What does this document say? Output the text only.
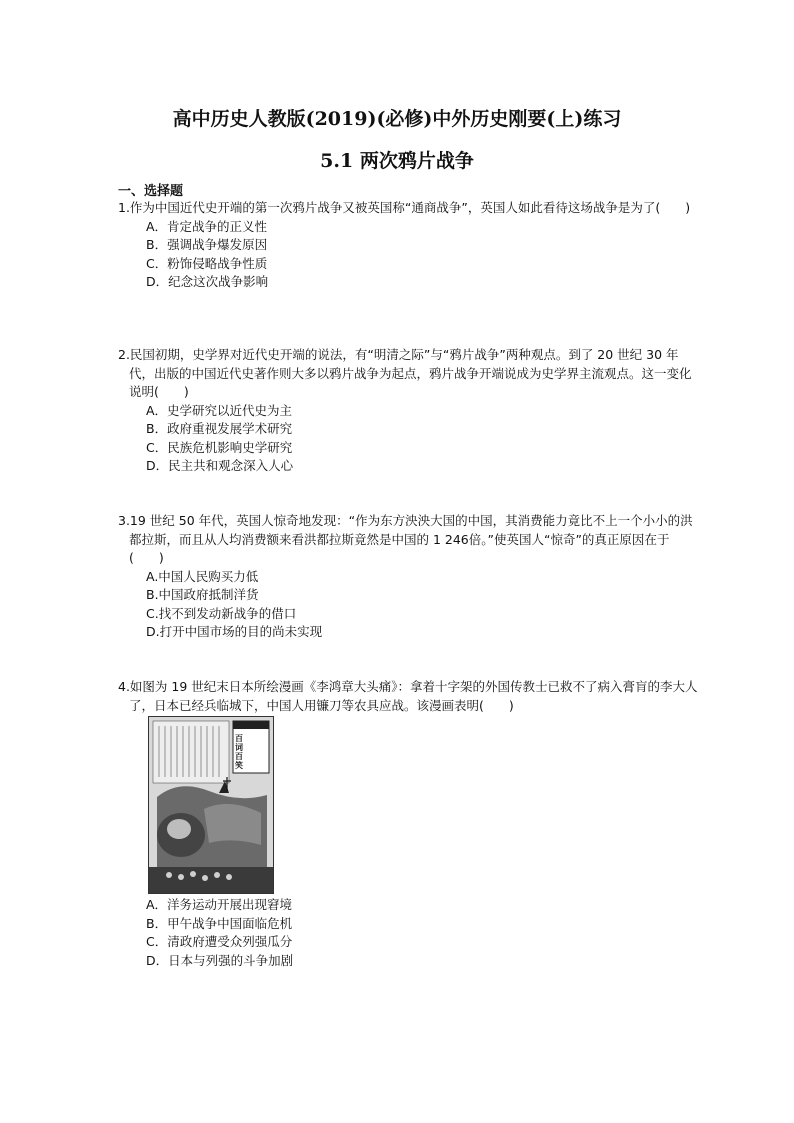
高中历史人教版(2019)(必修)中外历史刚要(上)练习
5.1 两次鸦片战争
一、选择题
1.作为中国近代史开端的第一次鸦片战争又被英国称“通商战争”，英国人如此看待这场战争是为了(　　)
A．肯定战争的正义性
B．强调战争爆发原因
C．粉饰侵略战争性质
D．纪念这次战争影响
2.民国初期，史学界对近代史开端的说法，有“明清之际”与“鸦片战争”两种观点。到了 20 世纪 30 年代，出版的中国近代史著作则大多以鸦片战争为起点，鸦片战争开端说成为史学界主流观点。这一变化说明(　　)
A．史学研究以近代史为主
B．政府重视发展学术研究
C．民族危机影响史学研究
D．民主共和观念深入人心
3.19 世纪 50 年代，英国人惊奇地发现：“作为东方泱泱大国的中国，其消费能力竟比不上一个小小的洪都拉斯，而且从人均消费额来看洪都拉斯竟然是中国的 1 246倍。”使英国人“惊奇”的真正原因在于(　　)
A.中国人民购买力低
B.中国政府抵制洋货
C.找不到发动新战争的借口
D.打开中国市场的目的尚未实现
4.如图为 19 世纪末日本所绘漫画《李鸿章大头痛》：拿着十字架的外国传教士已救不了病入膏肓的李大人了，日本已经兵临城下，中国人用镰刀等农具应战。该漫画表明(　　)
百词百笑
A．洋务运动开展出现窘境
B．甲午战争中国面临危机
C．清政府遭受众列强瓜分
D．日本与列强的斗争加剧
